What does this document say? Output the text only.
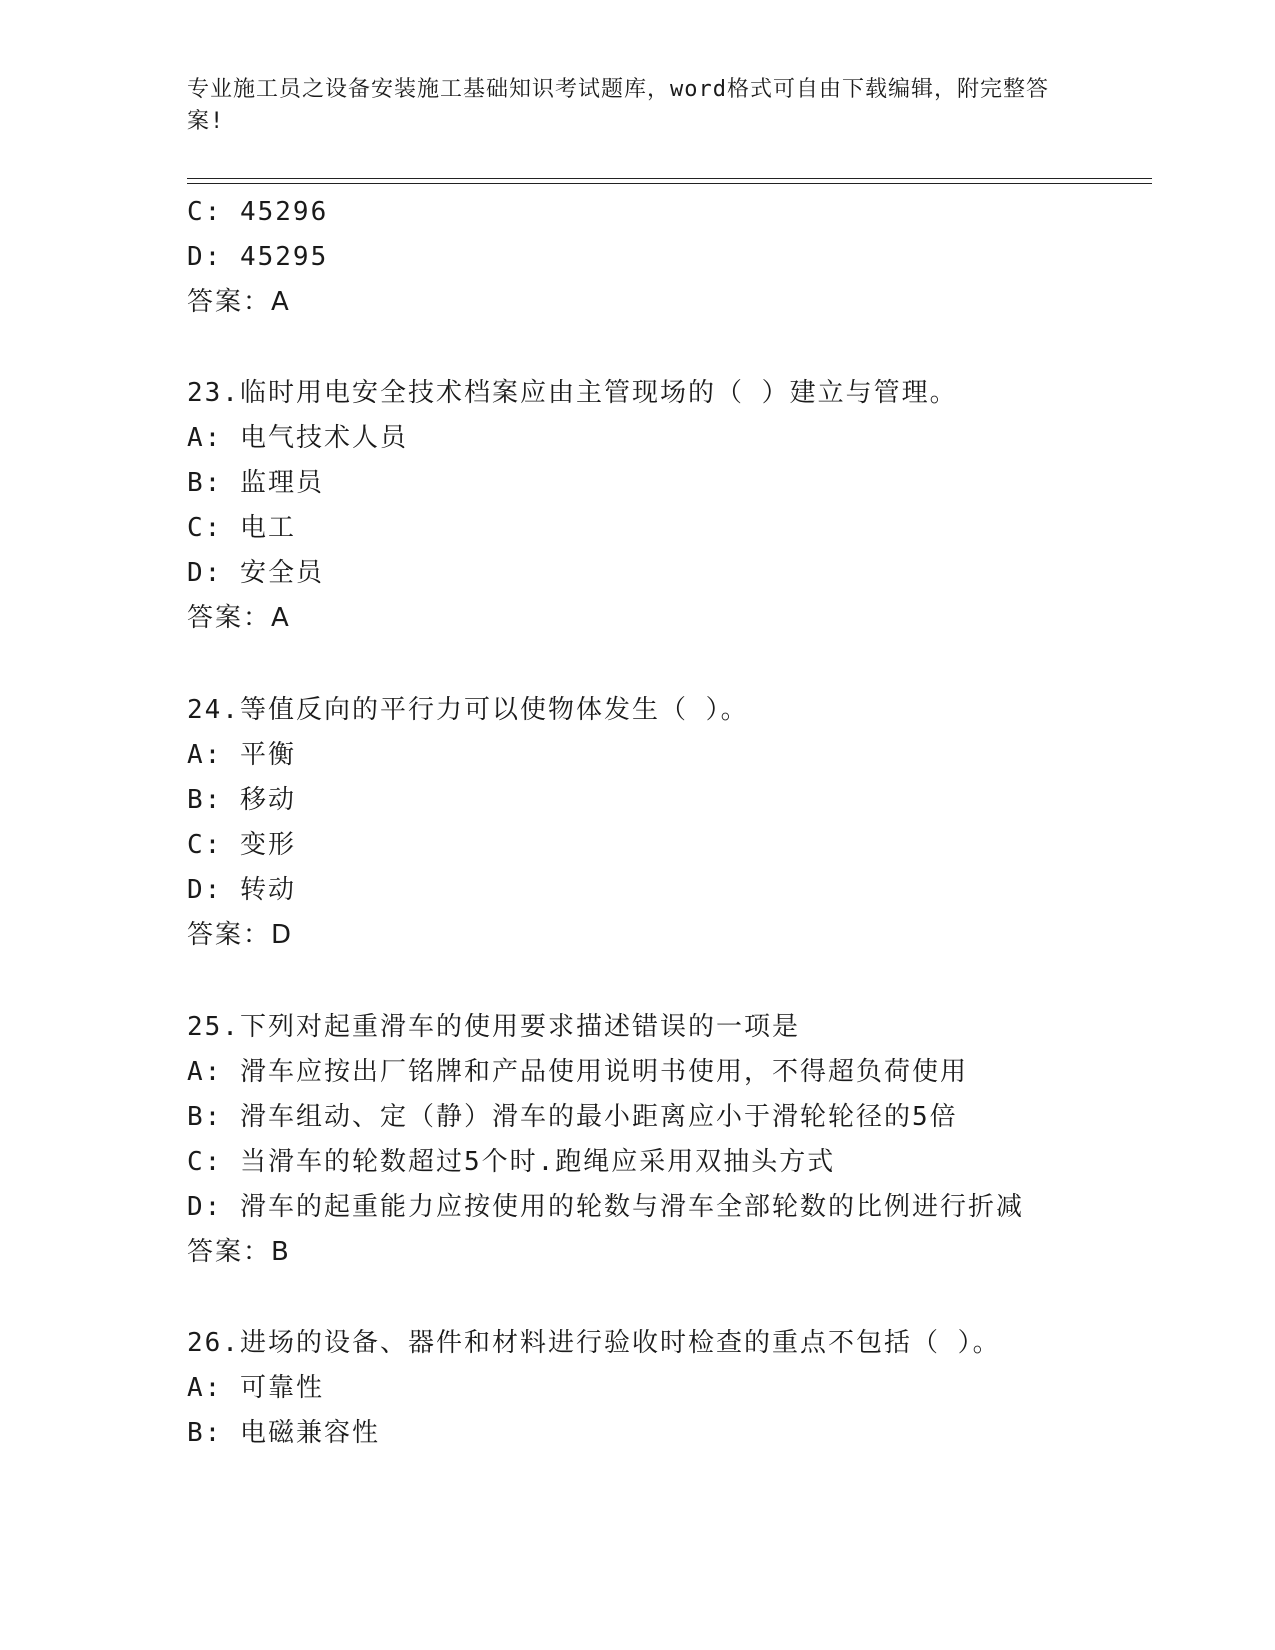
专业施工员之设备安装施工基础知识考试题库，word格式可自由下载编辑，附完整答案!
C: 45296
D: 45295
答案：A
23.临时用电安全技术档案应由主管现场的（ ）建立与管理。
A: 电气技术人员
B: 监理员
C: 电工
D: 安全员
答案：A
24.等值反向的平行力可以使物体发生（ ）。
A: 平衡
B: 移动
C: 变形
D: 转动
答案：D
25.下列对起重滑车的使用要求描述错误的一项是
A: 滑车应按出厂铭牌和产品使用说明书使用，不得超负荷使用
B: 滑车组动、定（静）滑车的最小距离应小于滑轮轮径的5倍
C: 当滑车的轮数超过5个时.跑绳应采用双抽头方式
D: 滑车的起重能力应按使用的轮数与滑车全部轮数的比例进行折减
答案：B
26.进场的设备、器件和材料进行验收时检查的重点不包括（ ）。
A: 可靠性
B: 电磁兼容性
